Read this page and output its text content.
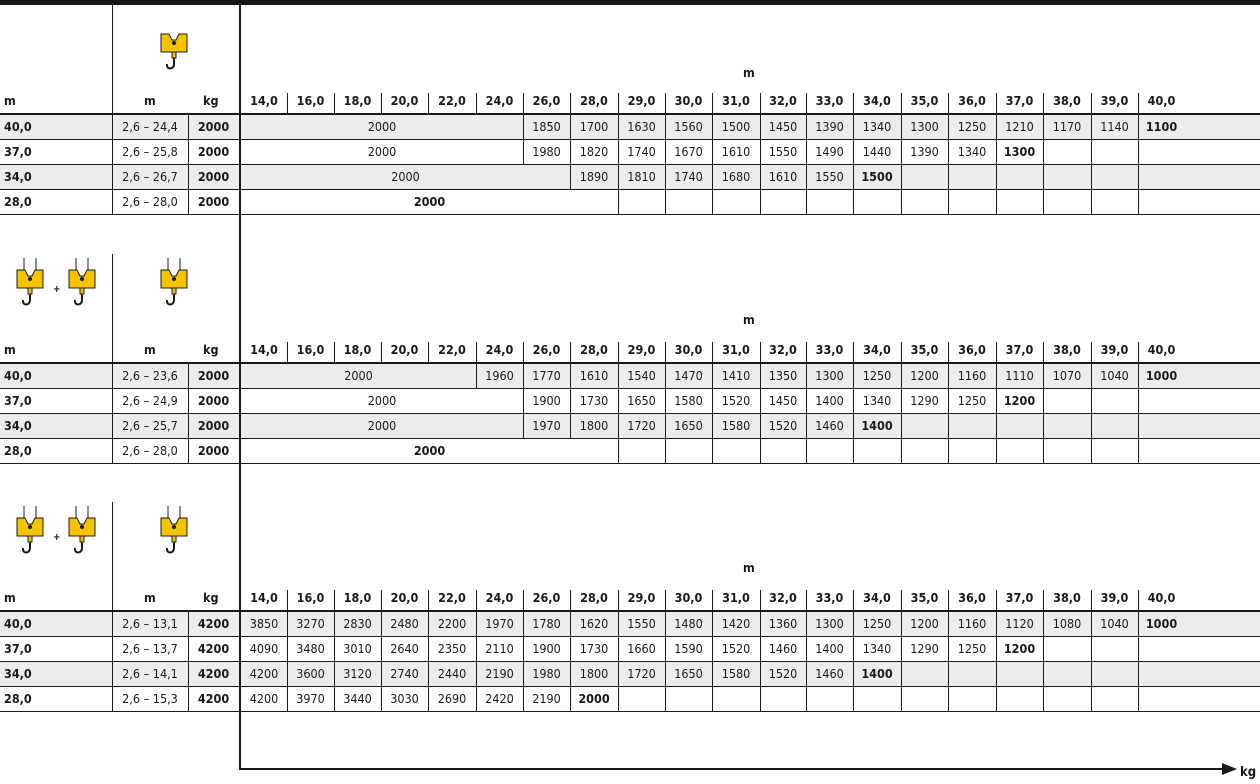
m
m	m	kg	14,0	16,0	18,0	20,0	22,0	24,0	26,0	28,0	29,0	30,0	31,0	32,0	33,0	34,0	35,0	36,0	37,0	38,0	39,0	40,0
40,0	2,6 – 24,4	2000	2000	1850	1700	1630	1560	1500	1450	1390	1340	1300	1250	1210	1170	1140	1100
37,0	2,6 – 25,8	2000	2000	1980	1820	1740	1670	1610	1550	1490	1440	1390	1340	1300
34,0	2,6 – 26,7	2000	2000	1890	1810	1740	1680	1610	1550	1500
28,0	2,6 – 28,0	2000	2000
+
m
m	m	kg	14,0	16,0	18,0	20,0	22,0	24,0	26,0	28,0	29,0	30,0	31,0	32,0	33,0	34,0	35,0	36,0	37,0	38,0	39,0	40,0
40,0	2,6 – 23,6	2000	2000	1960	1770	1610	1540	1470	1410	1350	1300	1250	1200	1160	1110	1070	1040	1000
37,0	2,6 – 24,9	2000	2000	1900	1730	1650	1580	1520	1450	1400	1340	1290	1250	1200
34,0	2,6 – 25,7	2000	2000	1970	1800	1720	1650	1580	1520	1460	1400
28,0	2,6 – 28,0	2000	2000
+
m
m	m	kg	14,0	16,0	18,0	20,0	22,0	24,0	26,0	28,0	29,0	30,0	31,0	32,0	33,0	34,0	35,0	36,0	37,0	38,0	39,0	40,0
40,0	2,6 – 13,1	4200	3850	3270	2830	2480	2200	1970	1780	1620	1550	1480	1420	1360	1300	1250	1200	1160	1120	1080	1040	1000
37,0	2,6 – 13,7	4200	4090	3480	3010	2640	2350	2110	1900	1730	1660	1590	1520	1460	1400	1340	1290	1250	1200
34,0	2,6 – 14,1	4200	4200	3600	3120	2740	2440	2190	1980	1800	1720	1650	1580	1520	1460	1400
28,0	2,6 – 15,3	4200	4200	3970	3440	3030	2690	2420	2190	2000
kg
